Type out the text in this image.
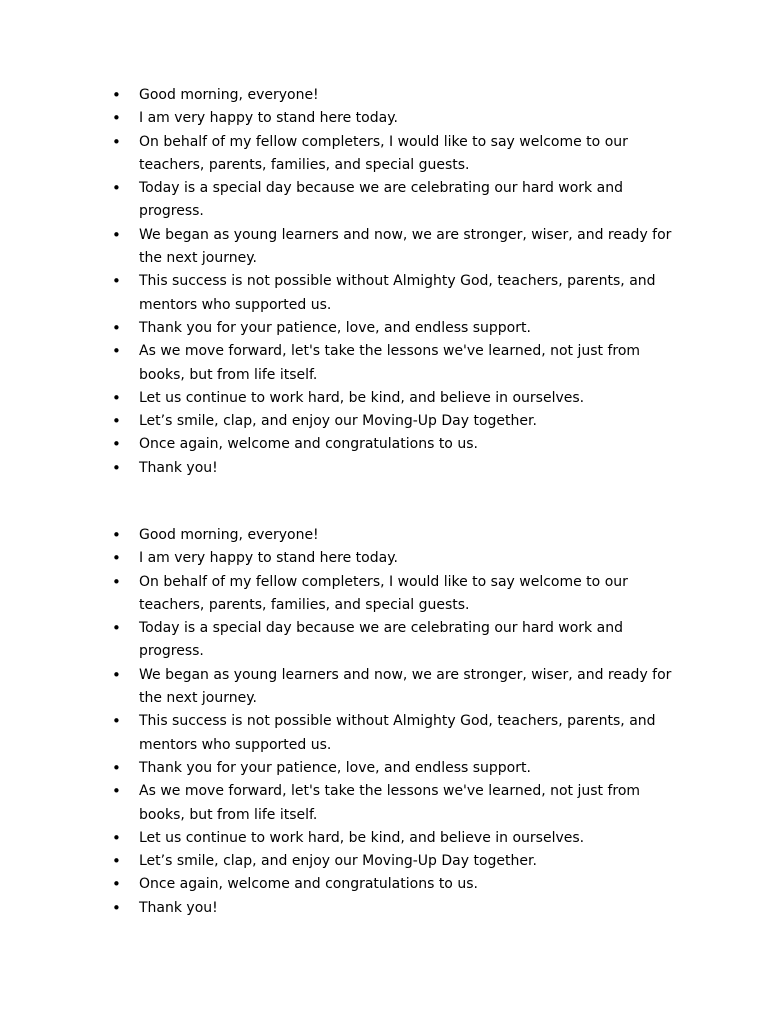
• Good morning, everyone!
• I am very happy to stand here today.
• On behalf of my fellow completers, I would like to say welcome to our teachers, parents, families, and special guests.
• Today is a special day because we are celebrating our hard work and progress.
• We began as young learners and now, we are stronger, wiser, and ready for the next journey.
• This success is not possible without Almighty God, teachers, parents, and mentors who supported us.
• Thank you for your patience, love, and endless support.
• As we move forward, let's take the lessons we've learned, not just from books, but from life itself.
• Let us continue to work hard, be kind, and believe in ourselves.
• Let’s smile, clap, and enjoy our Moving-Up Day together.
• Once again, welcome and congratulations to us.
• Thank you!
• Good morning, everyone!
• I am very happy to stand here today.
• On behalf of my fellow completers, I would like to say welcome to our teachers, parents, families, and special guests.
• Today is a special day because we are celebrating our hard work and progress.
• We began as young learners and now, we are stronger, wiser, and ready for the next journey.
• This success is not possible without Almighty God, teachers, parents, and mentors who supported us.
• Thank you for your patience, love, and endless support.
• As we move forward, let's take the lessons we've learned, not just from books, but from life itself.
• Let us continue to work hard, be kind, and believe in ourselves.
• Let’s smile, clap, and enjoy our Moving-Up Day together.
• Once again, welcome and congratulations to us.
• Thank you!
